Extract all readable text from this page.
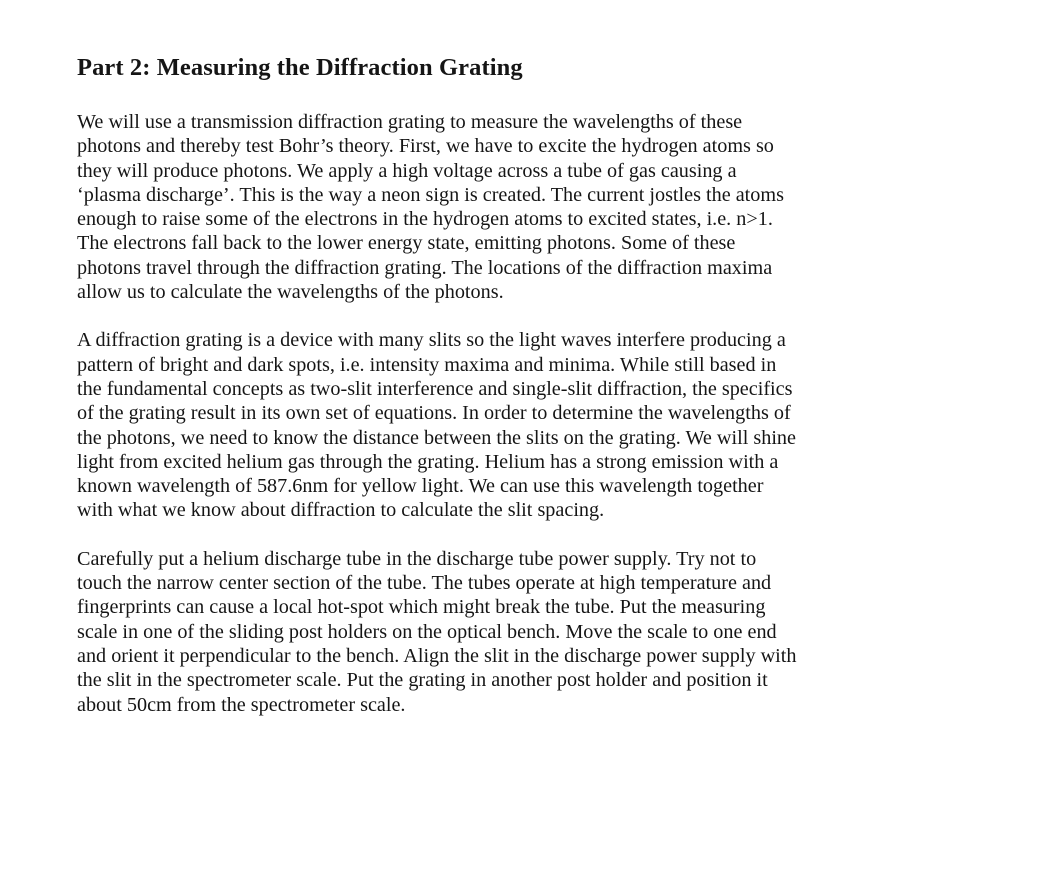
Part 2: Measuring the Diffraction Grating

We will use a transmission diffraction grating to measure the wavelengths of these
photons and thereby test Bohr’s theory. First, we have to excite the hydrogen atoms so
they will produce photons. We apply a high voltage across a tube of gas causing a
‘plasma discharge’. This is the way a neon sign is created. The current jostles the atoms
enough to raise some of the electrons in the hydrogen atoms to excited states, i.e. n>1.
The electrons fall back to the lower energy state, emitting photons. Some of these
photons travel through the diffraction grating. The locations of the diffraction maxima
allow us to calculate the wavelengths of the photons.

A diffraction grating is a device with many slits so the light waves interfere producing a
pattern of bright and dark spots, i.e. intensity maxima and minima. While still based in
the fundamental concepts as two-slit interference and single-slit diffraction, the specifics
of the grating result in its own set of equations. In order to determine the wavelengths of
the photons, we need to know the distance between the slits on the grating. We will shine
light from excited helium gas through the grating. Helium has a strong emission with a
known wavelength of 587.6nm for yellow light. We can use this wavelength together
with what we know about diffraction to calculate the slit spacing.

Carefully put a helium discharge tube in the discharge tube power supply. Try not to
touch the narrow center section of the tube. The tubes operate at high temperature and
fingerprints can cause a local hot-spot which might break the tube. Put the measuring
scale in one of the sliding post holders on the optical bench. Move the scale to one end
and orient it perpendicular to the bench. Align the slit in the discharge power supply with
the slit in the spectrometer scale. Put the grating in another post holder and position it
about 50cm from the spectrometer scale.
